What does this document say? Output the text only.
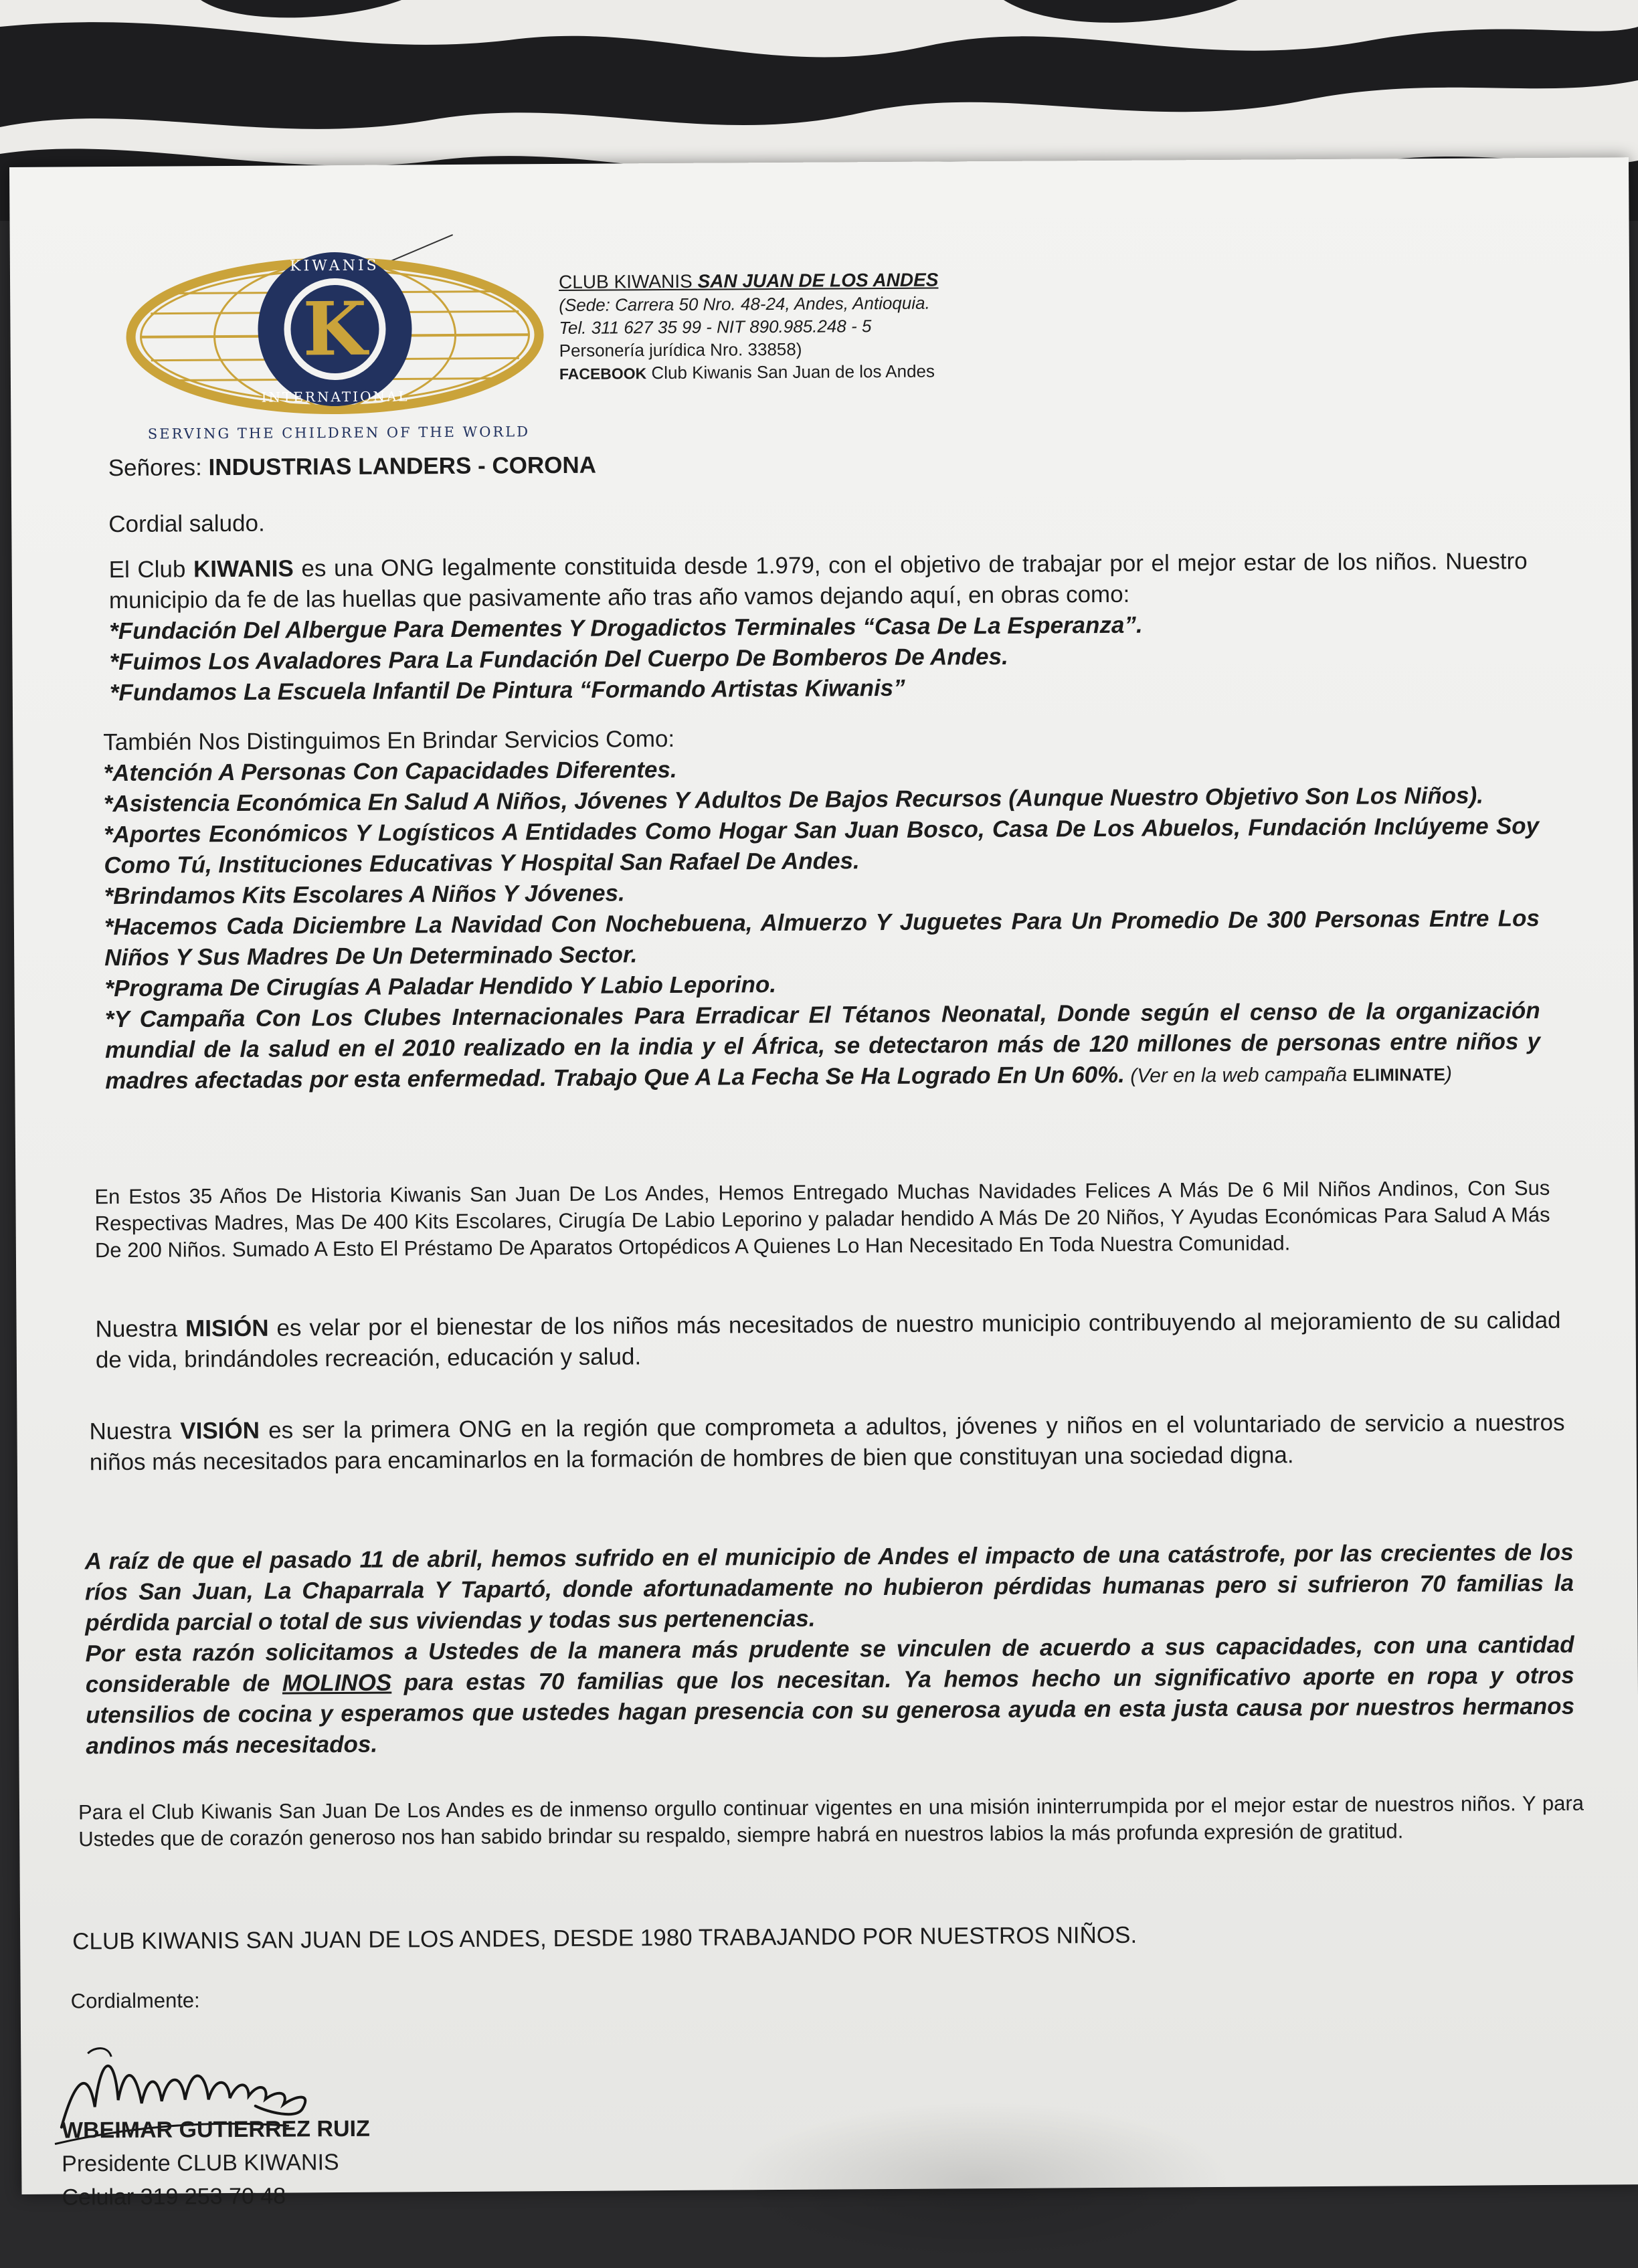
K
KIWANIS
INTERNATIONAL
SERVING THE CHILDREN OF THE WORLD
CLUB KIWANIS SAN JUAN DE LOS ANDES
(Sede: Carrera 50 Nro. 48-24, Andes, Antioquia.
Tel. 311 627 35 99 - NIT 890.985.248 - 5
Personería jurídica Nro. 33858)
FACEBOOK Club Kiwanis San Juan de los Andes
Señores: INDUSTRIAS LANDERS - CORONA
Cordial saludo.
El Club KIWANIS es una ONG legalmente constituida desde 1.979, con el objetivo de trabajar por el mejor estar de los niños. Nuestro municipio da fe de las huellas que pasivamente año tras año vamos dejando aquí, en obras como:
*Fundación Del Albergue Para Dementes Y Drogadictos Terminales “Casa De La Esperanza”.
*Fuimos Los Avaladores Para La Fundación Del Cuerpo De Bomberos De Andes.
*Fundamos La Escuela Infantil De Pintura “Formando Artistas Kiwanis”
También Nos Distinguimos En Brindar Servicios Como:
*Atención A Personas Con Capacidades Diferentes.
*Asistencia Económica En Salud A Niños, Jóvenes Y Adultos De Bajos Recursos (Aunque Nuestro Objetivo Son Los Niños).
*Aportes Económicos Y Logísticos A Entidades Como Hogar San Juan Bosco, Casa De Los Abuelos, Fundación Inclúyeme Soy Como Tú, Instituciones Educativas Y Hospital San Rafael De Andes.
*Brindamos Kits Escolares A Niños Y Jóvenes.
*Hacemos Cada Diciembre La Navidad Con Nochebuena, Almuerzo Y Juguetes Para Un Promedio De 300 Personas Entre Los Niños Y Sus Madres De Un Determinado Sector.
*Programa De Cirugías A Paladar Hendido Y Labio Leporino.
*Y Campaña Con Los Clubes Internacionales Para Erradicar El Tétanos Neonatal, Donde según el censo de la organización mundial de la salud en el 2010 realizado en la india y el África, se detectaron más de 120 millones de personas entre niños y madres afectadas por esta enfermedad. Trabajo Que A La Fecha Se Ha Logrado En Un 60%. (Ver en la web campaña ELIMINATE)
En Estos 35 Años De Historia Kiwanis San Juan De Los Andes, Hemos Entregado Muchas Navidades Felices A Más De 6 Mil Niños Andinos, Con Sus Respectivas Madres, Mas De 400 Kits Escolares, Cirugía De Labio Leporino y paladar hendido A Más De 20 Niños, Y Ayudas Económicas Para Salud A Más De 200 Niños. Sumado A Esto El Préstamo De Aparatos Ortopédicos A Quienes Lo Han Necesitado En Toda Nuestra Comunidad.
Nuestra MISIÓN es velar por el bienestar de los niños más necesitados de nuestro municipio contribuyendo al mejoramiento de su calidad de vida, brindándoles recreación, educación y salud.
Nuestra VISIÓN es ser la primera ONG en la región que comprometa a adultos, jóvenes y niños en el voluntariado de servicio a nuestros niños más necesitados para encaminarlos en la formación de hombres de bien que constituyan una sociedad digna.
A raíz de que el pasado 11 de abril, hemos sufrido en el municipio de Andes el impacto de una catástrofe, por las crecientes de los ríos San Juan, La Chaparrala Y Tapartó, donde afortunadamente no hubieron pérdidas humanas pero si sufrieron 70 familias la pérdida parcial o total de sus viviendas y todas sus pertenencias.
Por esta razón solicitamos a Ustedes de la manera más prudente se vinculen de acuerdo a sus capacidades, con una cantidad considerable de MOLINOS para estas 70 familias que los necesitan. Ya hemos hecho un significativo aporte en ropa y otros utensilios de cocina y esperamos que ustedes hagan presencia con su generosa ayuda en esta justa causa por nuestros hermanos andinos más necesitados.
Para el Club Kiwanis San Juan De Los Andes es de inmenso orgullo continuar vigentes en una misión ininterrumpida por el mejor estar de nuestros niños. Y para Ustedes que de corazón generoso nos han sabido brindar su respaldo, siempre habrá en nuestros labios la más profunda expresión de gratitud.
CLUB KIWANIS SAN JUAN DE LOS ANDES, DESDE 1980 TRABAJANDO POR NUESTROS NIÑOS.
Cordialmente:
WBEIMAR GUTIERREZ RUIZ
Presidente CLUB KIWANIS
Celular 319 253 70 48
